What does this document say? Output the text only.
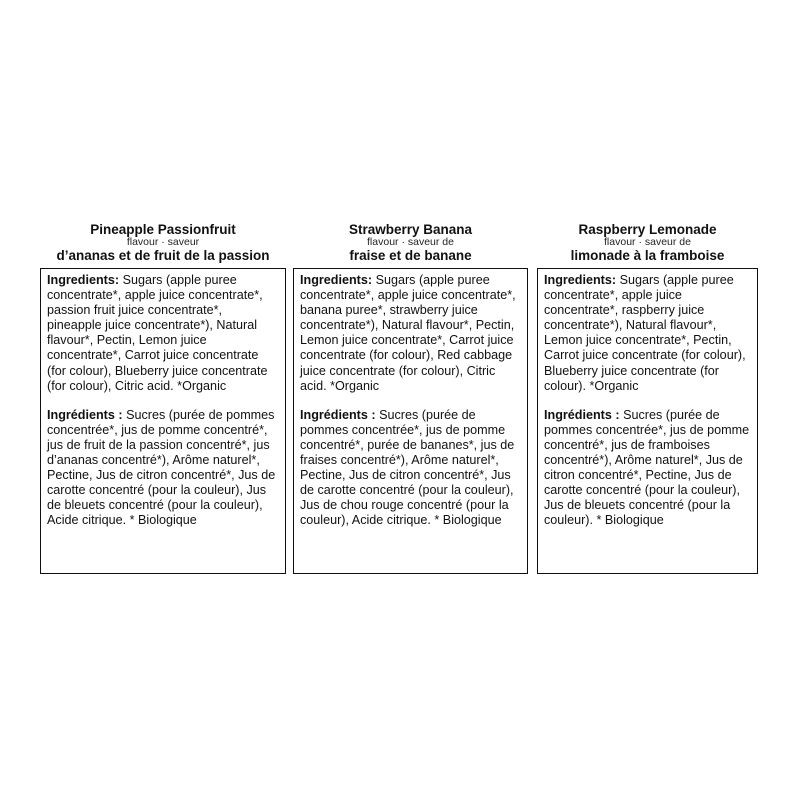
Pineapple Passionfruit
flavour · saveur
d’ananas et de fruit de la passion

Ingredients: Sugars (apple puree concentrate*, apple juice concentrate*, passion fruit juice concentrate*, pineapple juice concentrate*), Natural flavour*, Pectin, Lemon juice concentrate*, Carrot juice concentrate (for colour), Blueberry juice concentrate (for colour), Citric acid. *Organic

Ingrédients : Sucres (purée de pommes concentrée*, jus de pomme concentré*, jus de fruit de la passion concentré*, jus d’ananas concentré*), Arôme naturel*, Pectine, Jus de citron concentré*, Jus de carotte concentré (pour la couleur), Jus de bleuets concentré (pour la couleur), Acide citrique. * Biologique

Strawberry Banana
flavour · saveur de
fraise et de banane

Ingredients: Sugars (apple puree concentrate*, apple juice concentrate*, banana puree*, strawberry juice concentrate*), Natural flavour*, Pectin, Lemon juice concentrate*, Carrot juice concentrate (for colour), Red cabbage juice concentrate (for colour), Citric acid. *Organic

Ingrédients : Sucres (purée de pommes concentrée*, jus de pomme concentré*, purée de bananes*, jus de fraises concentré*), Arôme naturel*, Pectine, Jus de citron concentré*, Jus de carotte concentré (pour la couleur), Jus de chou rouge concentré (pour la couleur), Acide citrique. * Biologique

Raspberry Lemonade
flavour · saveur de
limonade à la framboise

Ingredients: Sugars (apple puree concentrate*, apple juice concentrate*, raspberry juice concentrate*), Natural flavour*, Lemon juice concentrate*, Pectin, Carrot juice concentrate (for colour), Blueberry juice concentrate (for colour). *Organic

Ingrédients : Sucres (purée de pommes concentrée*, jus de pomme concentré*, jus de framboises concentré*), Arôme naturel*, Jus de citron concentré*, Pectine, Jus de carotte concentré (pour la couleur), Jus de bleuets concentré (pour la couleur). * Biologique
